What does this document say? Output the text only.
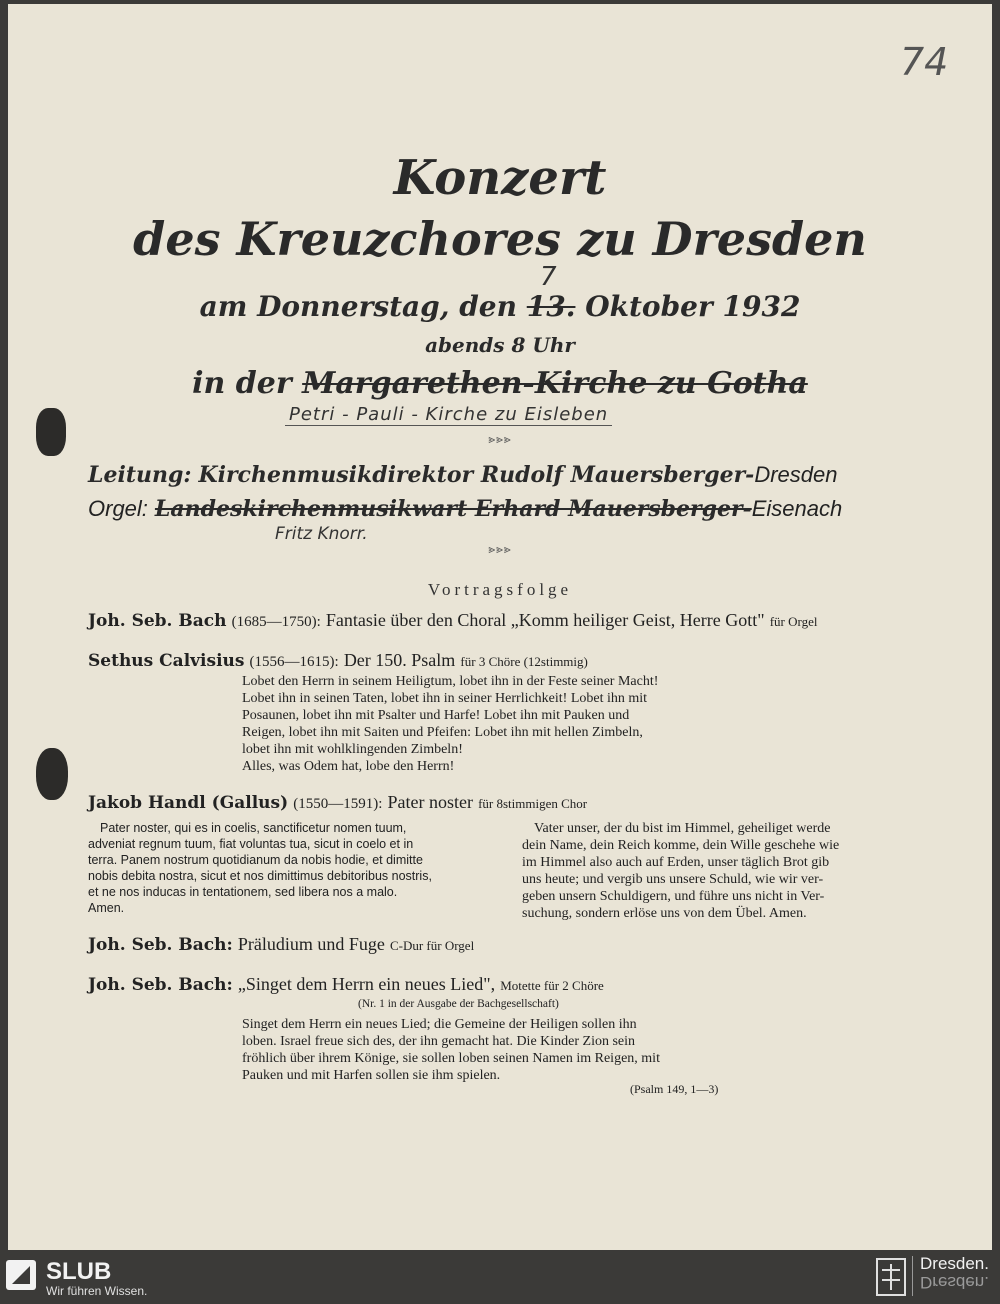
74
Konzert
des Kreuzchores zu Dresden
am Donnerstag, den 13. Oktober 1932
7
abends 8 Uhr
in der Margarethen-Kirche zu Gotha
Petri - Pauli - Kirche zu Eisleben
⪢⪢⪢
Leitung: Kirchenmusikdirektor Rudolf Mauersberger-Dresden
Orgel: Landeskirchenmusikwart Erhard Mauersberger-Eisenach
Fritz Knorr.
⪢⪢⪢
Vortragsfolge
Joh. Seb. Bach (1685—1750): Fantasie über den Choral „Komm heiliger Geist, Herre Gott" für Orgel
Sethus Calvisius (1556—1615): Der 150. Psalm für 3 Chöre (12stimmig)
Lobet den Herrn in seinem Heiligtum, lobet ihn in der Feste seiner Macht!
Lobet ihn in seinen Taten, lobet ihn in seiner Herrlichkeit! Lobet ihn mit
Posaunen, lobet ihn mit Psalter und Harfe! Lobet ihn mit Pauken und
Reigen, lobet ihn mit Saiten und Pfeifen: Lobet ihn mit hellen Zimbeln,
lobet ihn mit wohlklingenden Zimbeln!
Alles, was Odem hat, lobe den Herrn!
Jakob Handl (Gallus) (1550—1591): Pater noster für 8stimmigen Chor
Pater noster, qui es in coelis, sanctificetur nomen tuum,
adveniat regnum tuum, fiat voluntas tua, sicut in coelo et in
terra. Panem nostrum quotidianum da nobis hodie, et dimitte
nobis debita nostra, sicut et nos dimittimus debitoribus nostris,
et ne nos inducas in tentationem, sed libera nos a malo.
Amen.
Vater unser, der du bist im Himmel, geheiliget werde
dein Name, dein Reich komme, dein Wille geschehe wie
im Himmel also auch auf Erden, unser täglich Brot gib
uns heute; und vergib uns unsere Schuld, wie wir ver-
geben unsern Schuldigern, und führe uns nicht in Ver-
suchung, sondern erlöse uns von dem Übel. Amen.
Joh. Seb. Bach: Präludium und Fuge C-Dur für Orgel
Joh. Seb. Bach: „Singet dem Herrn ein neues Lied", Motette für 2 Chöre
(Nr. 1 in der Ausgabe der Bachgesellschaft)
Singet dem Herrn ein neues Lied; die Gemeine der Heiligen sollen ihn
loben. Israel freue sich des, der ihn gemacht hat. Die Kinder Zion sein
fröhlich über ihrem Könige, sie sollen loben seinen Namen im Reigen, mit
Pauken und mit Harfen sollen sie ihm spielen.
(Psalm 149, 1—3)
SLUB
Wir führen Wissen.
Dresden.
Dresden.
